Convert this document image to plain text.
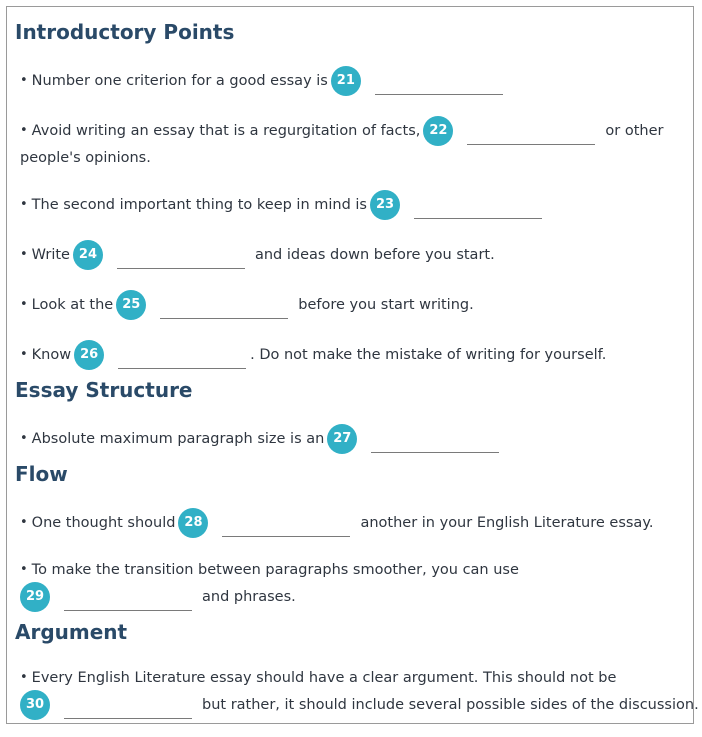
Introductory Points
• Number one criterion for a good essay is 21
• Avoid writing an essay that is a regurgitation of facts, 22	or other
people's opinions.
• The second important thing to keep in mind is 23
• Write 24	and ideas down before you start.
• Look at the 25	before you start writing.
• Know 26	. Do not make the mistake of writing for yourself.
Essay Structure
• Absolute maximum paragraph size is an 27
Flow
• One thought should 28	another in your English Literature essay.
• To make the transition between paragraphs smoother, you can use
29	and phrases.
Argument
• Every English Literature essay should have a clear argument. This should not be
30	but rather, it should include several possible sides of the discussion.
